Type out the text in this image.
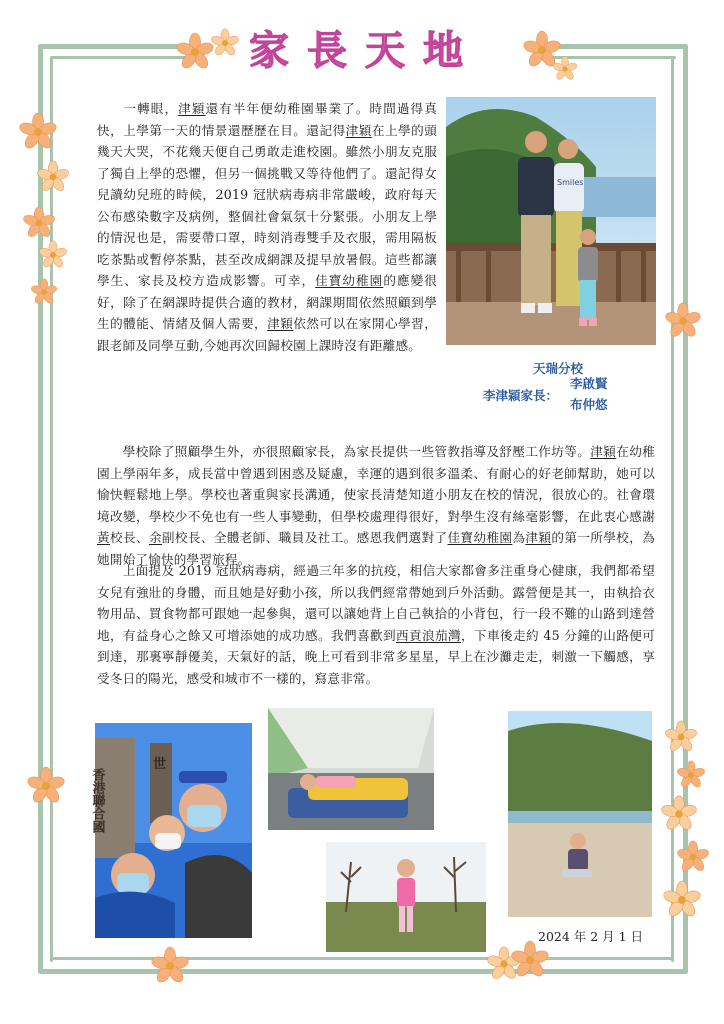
家長天地

  一轉眼，津穎還有半年便幼稚園畢業了。時間過得真快，上學第一天的情景還歷歷在目。還記得津穎在上學的頭幾天大哭，不花幾天便自己勇敢走進校園。雖然小朋友克服了獨自上學的恐懼，但另一個挑戰又等待他們了。還記得女兒讀幼兒班的時候，2019 冠狀病毒病非常嚴峻，政府每天公布感染數字及病例，整個社會氣氛十分緊張。小朋友上學的情況也是，需要帶口罩，時刻消毒雙手及衣服，需用隔板吃茶點或暫停茶點，甚至改成網課及提早放暑假。這些都讓學生、家長及校方造成影響。可幸，佳寶幼稚園的應變很好，除了在網課時提供合適的教材，網課期間依然照顧到學生的體能、情緒及個人需要，津穎依然可以在家開心學習，跟老師及同學互動,今她再次回歸校園上課時沒有距離感。

Smiles
天瑞分校
李津穎家長：
李啟賢
布仲悠

  學校除了照顧學生外，亦很照顧家長，為家長提供一些管教指導及舒壓工作坊等。津穎在幼稚園上學兩年多，成長當中曾遇到困惑及疑慮，幸運的遇到很多溫柔、有耐心的好老師幫助，她可以愉快輕鬆地上學。學校也著重與家長溝通，使家長清楚知道小朋友在校的情況，很放心的。社會環境改變，學校少不免也有一些人事變動，但學校處理得很好，對學生沒有絲毫影響，在此衷心感謝黃校長、余副校長、全體老師、職員及社工。感恩我們選對了佳寶幼稚園為津穎的第一所學校，為她開始了愉快的學習旅程。

  上面提及 2019 冠狀病毒病，經過三年多的抗疫，相信大家都會多注重身心健康，我們都希望女兒有強壯的身體，而且她是好動小孩，所以我們經常帶她到戶外活動。露營便是其一，由執拾衣物用品、買食物都可跟她一起參與，還可以讓她背上自己執拾的小背包，行一段不難的山路到達營地，有益身心之餘又可增添她的成功感。我們喜歡到西貢浪茄灣，下車後走約 45 分鐘的山路便可到達，那裏寧靜優美，天氣好的話，晚上可看到非常多星星，早上在沙灘走走，刺激一下觸感，享受冬日的陽光，感受和城市不一樣的，寫意非常。

香港聯合國
世
2024 年 2 月 1 日
